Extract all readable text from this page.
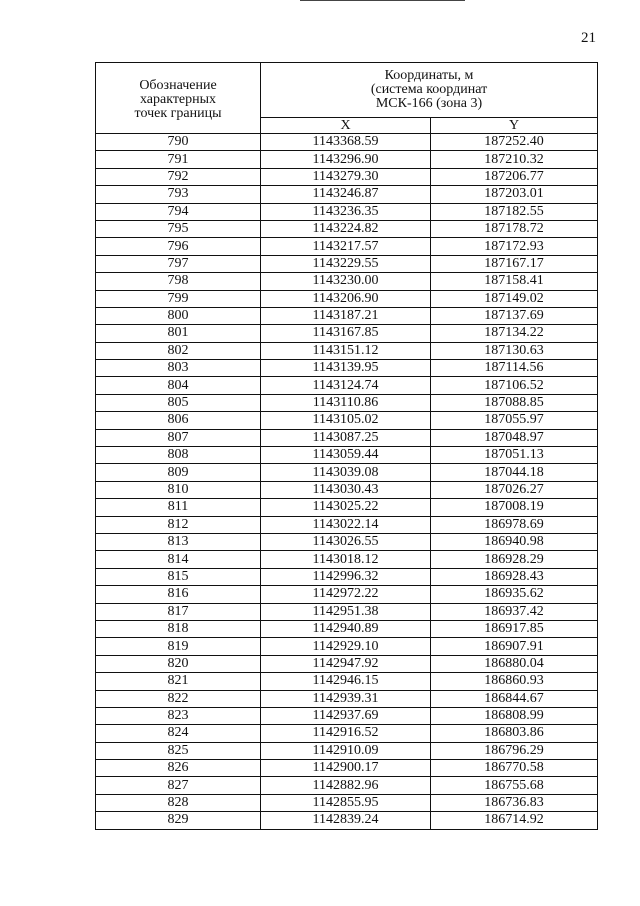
21
Обозначение
характерных
точек границы	Координаты, м
(система координат
МСК-166 (зона 3)	
	X	Y
790	1143368.59	187252.40
791	1143296.90	187210.32
792	1143279.30	187206.77
793	1143246.87	187203.01
794	1143236.35	187182.55
795	1143224.82	187178.72
796	1143217.57	187172.93
797	1143229.55	187167.17
798	1143230.00	187158.41
799	1143206.90	187149.02
800	1143187.21	187137.69
801	1143167.85	187134.22
802	1143151.12	187130.63
803	1143139.95	187114.56
804	1143124.74	187106.52
805	1143110.86	187088.85
806	1143105.02	187055.97
807	1143087.25	187048.97
808	1143059.44	187051.13
809	1143039.08	187044.18
810	1143030.43	187026.27
811	1143025.22	187008.19
812	1143022.14	186978.69
813	1143026.55	186940.98
814	1143018.12	186928.29
815	1142996.32	186928.43
816	1142972.22	186935.62
817	1142951.38	186937.42
818	1142940.89	186917.85
819	1142929.10	186907.91
820	1142947.92	186880.04
821	1142946.15	186860.93
822	1142939.31	186844.67
823	1142937.69	186808.99
824	1142916.52	186803.86
825	1142910.09	186796.29
826	1142900.17	186770.58
827	1142882.96	186755.68
828	1142855.95	186736.83
829	1142839.24	186714.92
